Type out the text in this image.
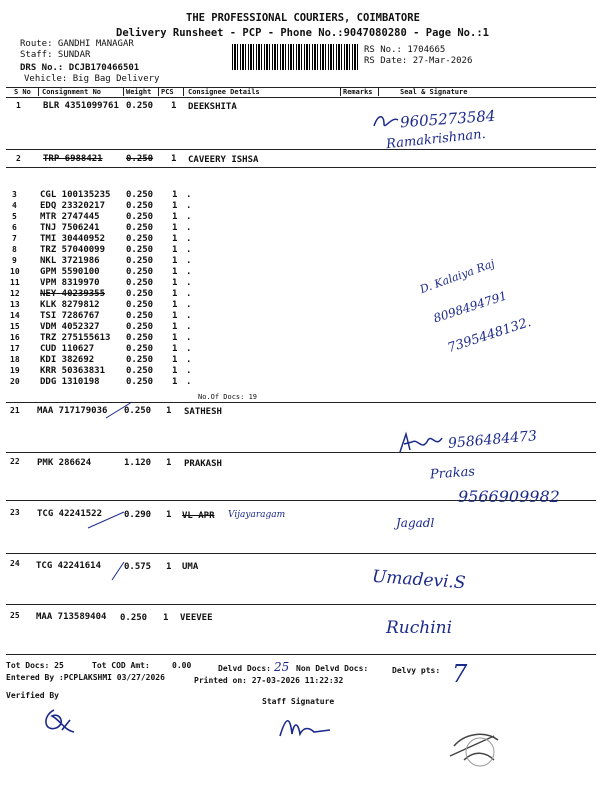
THE PROFESSIONAL COURIERS, COIMBATORE
Delivery Runsheet - PCP - Phone No.:9047080280 - Page No.:1
Route: GANDHI MANAGAR
Staff: SUNDAR
DRS No.: DCJB170466501
Vehicle: Big Bag Delivery
RS No.: 1704665
RS Date: 27-Mar-2026
S No Consignment No	Weight PCS Consignee Details	Remarks	Seal & Signature
1 BLR 4351099761 0.250 1 DEEKSHITA
2 TRP 6988421	0.250 1 CAVEERY ISHSA
3	CGL 100135235 0.250 1 .
4	EDQ 23320217 0.250 1 .
5	MTR 2747445	0.250 1 .
6	TNJ 7506241	0.250 1 .
7	TMI 30440952 0.250 1 .
8	TRZ 57040099 0.250 1 .
9	NKL 3721986	0.250 1 .
10 GPM 5590100	0.250 1 .
11 VPM 8319970	0.250 1 .
12 NEY 40239355 0.250 1 .
13 KLK 8279812	0.250 1 .
14 TSI 7286767	0.250 1 .
15 VDM 4052327	0.250 1 .
16 TRZ 275155613 0.250 1 .
17 CUD 110627	0.250 1 .
18 KDI 382692	0.250 1 .
19 KRR 50363831 0.250 1 .
20 DDG 1310198	0.250 1 .
No.Of Docs: 19
21 MAA 717179036 0.250 1 SATHESH
22 PMK 286624	1.120 1 PRAKASH
23 TCG 42241522 0.290 1 VL APR
24 TCG 42241614	0.575 1 UMA
25 MAA 713589404 0.250 1 VEEVEE
9605273584
Ramakrishnan.
D. Kalaiya Raj
8098494791
7395448132.
9586484473
Prakas
9566909982
Vijayaragam
Jagadl
Umadevi.S
Ruchini
Tot Docs: 25	Tot COD Amt:	0.00	Delvd Docs: 25 Non Delvd Docs:	Delvy pts: 7
Entered By :PCPLAKSHMI 03/27/2026	Printed on: 27-03-2026 11:22:32
Verified By
Staff Signature
